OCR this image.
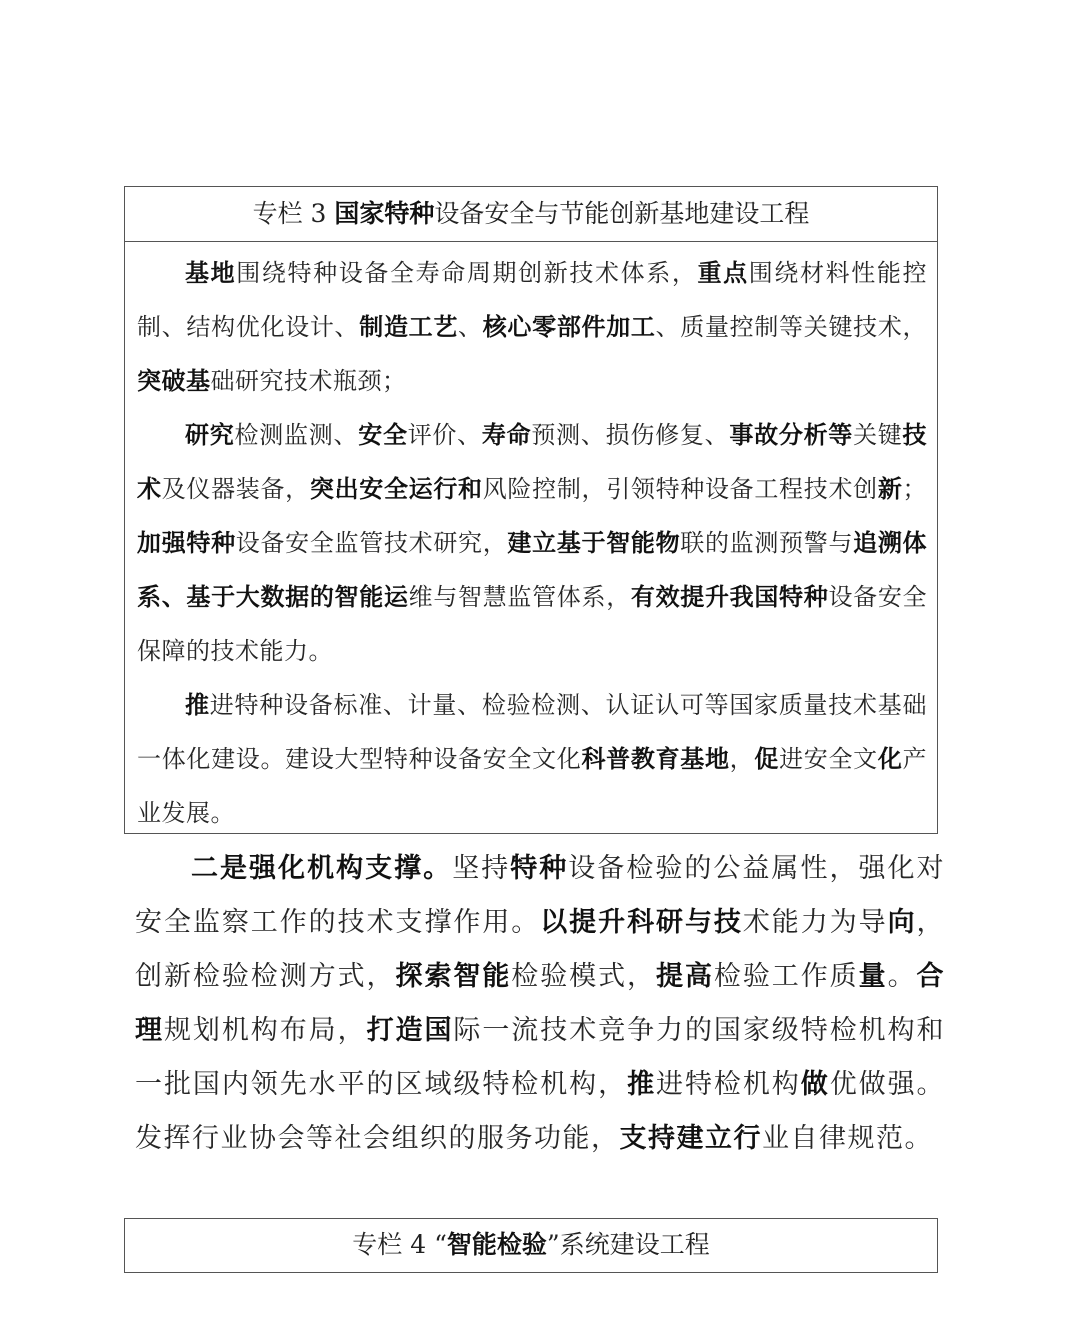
专栏 3 国家特种设备安全与节能创新基地建设工程

基地围绕特种设备全寿命周期创新技术体系，重点围绕材料性能控制、结构优化设计、制造工艺、核心零部件加工、质量控制等关键技术，突破基础研究技术瓶颈；

研究检测监测、安全评价、寿命预测、损伤修复、事故分析等关键技术及仪器装备，突出安全运行和风险控制，引领特种设备工程技术创新；加强特种设备安全监管技术研究，建立基于智能物联的监测预警与追溯体系、基于大数据的智能运维与智慧监管体系，有效提升我国特种设备安全保障的技术能力。

推进特种设备标准、计量、检验检测、认证认可等国家质量技术基础一体化建设。建设大型特种设备安全文化科普教育基地，促进安全文化产业发展。

二是强化机构支撑。坚持特种设备检验的公益属性，强化对安全监察工作的技术支撑作用。以提升科研与技术能力为导向，创新检验检测方式，探索智能检验模式，提高检验工作质量。合理规划机构布局，打造国际一流技术竞争力的国家级特检机构和一批国内领先水平的区域级特检机构，推进特检机构做优做强。发挥行业协会等社会组织的服务功能，支持建立行业自律规范。

专栏 4 “智能检验”系统建设工程
